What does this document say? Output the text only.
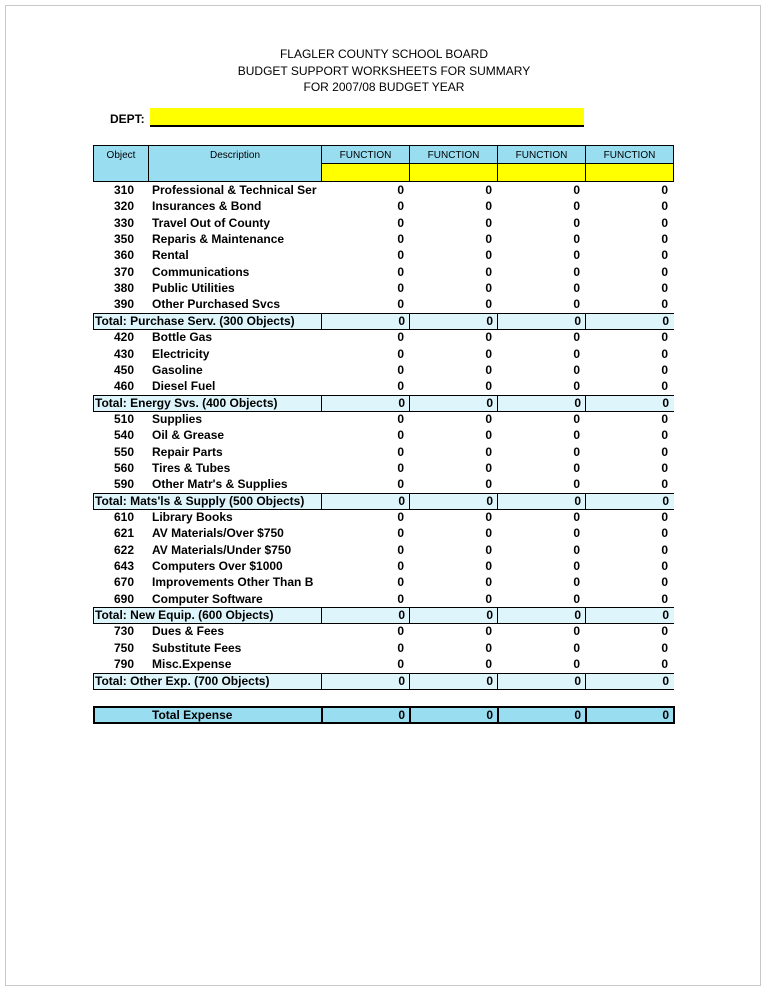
FLAGLER COUNTY SCHOOL BOARD
BUDGET SUPPORT WORKSHEETS FOR SUMMARY
FOR 2007/08 BUDGET YEAR
DEPT:
Object	Description	FUNCTION	FUNCTION	FUNCTION	FUNCTION
310 Professional & Technical Ser	0	0	0	0
320 Insurances & Bond	0	0	0	0
330 Travel Out of County	0	0	0	0
350 Reparis & Maintenance	0	0	0	0
360 Rental	0	0	0	0
370 Communications	0	0	0	0
380 Public Utilities	0	0	0	0
390 Other Purchased Svcs	0	0	0	0
Total: Purchase Serv. (300 Objects)	0	0	0	0
420 Bottle Gas	0	0	0	0
430 Electricity	0	0	0	0
450 Gasoline	0	0	0	0
460 Diesel Fuel	0	0	0	0
Total: Energy Svs. (400 Objects)	0	0	0	0
510 Supplies	0	0	0	0
540 Oil & Grease	0	0	0	0
550 Repair Parts	0	0	0	0
560 Tires & Tubes	0	0	0	0
590 Other Matr's & Supplies	0	0	0	0
Total: Mats'ls & Supply (500 Objects)	0	0	0	0
610 Library Books	0	0	0	0
621 AV Materials/Over $750	0	0	0	0
622 AV Materials/Under $750	0	0	0	0
643 Computers Over $1000	0	0	0	0
670 Improvements Other Than B	0	0	0	0
690 Computer Software	0	0	0	0
Total: New Equip. (600 Objects)	0	0	0	0
730 Dues & Fees	0	0	0	0
750 Substitute Fees	0	0	0	0
790 Misc.Expense	0	0	0	0
Total: Other Exp. (700 Objects)	0	0	0	0
Total Expense	0	0	0	0
